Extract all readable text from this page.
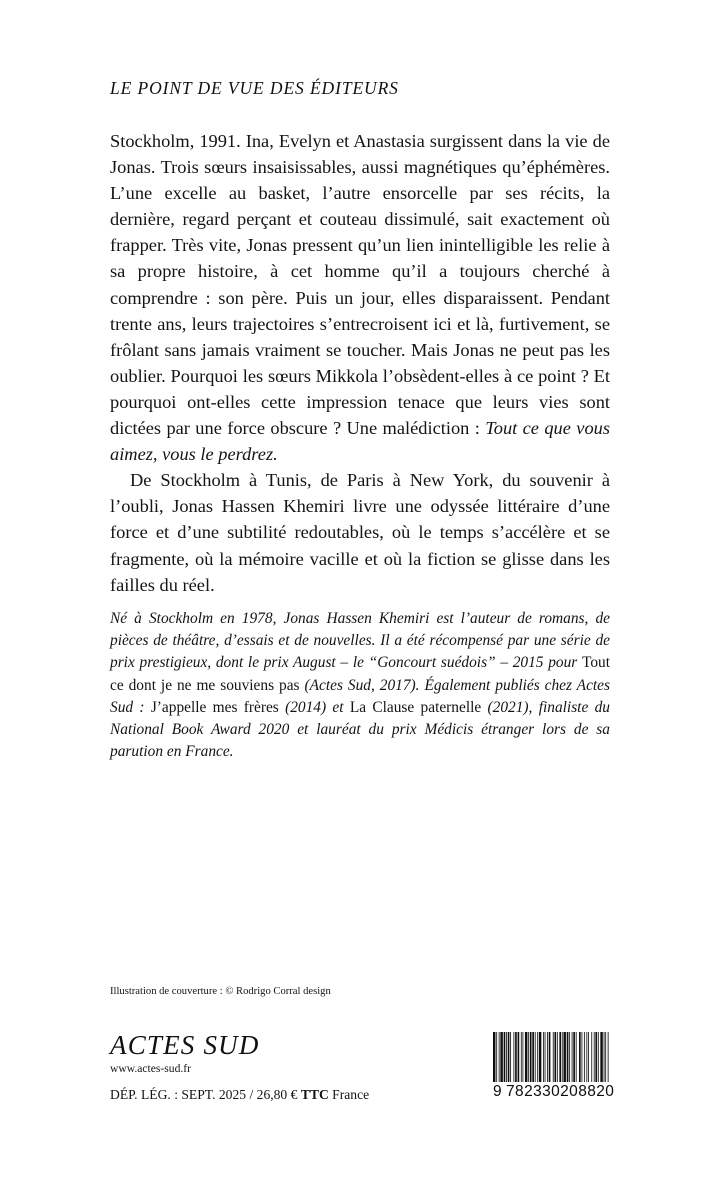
LE POINT DE VUE DES ÉDITEURS

Stockholm, 1991. Ina, Evelyn et Anastasia surgissent dans la vie de Jonas. Trois sœurs insaisissables, aussi magnétiques qu’éphémères. L’une excelle au basket, l’autre ensorcelle par ses récits, la dernière, regard perçant et couteau dissimulé, sait exactement où frapper. Très vite, Jonas pressent qu’un lien inintelligible les relie à sa propre histoire, à cet homme qu’il a toujours cherché à comprendre : son père. Puis un jour, elles disparaissent. Pendant trente ans, leurs trajectoires s’entrecroisent ici et là, furtivement, se frôlant sans jamais vraiment se toucher. Mais Jonas ne peut pas les oublier. Pourquoi les sœurs Mikkola l’obsèdent-elles à ce point ? Et pourquoi ont-elles cette impression tenace que leurs vies sont dictées par une force obscure ? Une malédiction : Tout ce que vous aimez, vous le perdrez.

De Stockholm à Tunis, de Paris à New York, du souvenir à l’oubli, Jonas Hassen Khemiri livre une odyssée littéraire d’une force et d’une subtilité redoutables, où le temps s’accélère et se fragmente, où la mémoire vacille et où la fiction se glisse dans les failles du réel.

Né à Stockholm en 1978, Jonas Hassen Khemiri est l’auteur de romans, de pièces de théâtre, d’essais et de nouvelles. Il a été récompensé par une série de prix prestigieux, dont le prix August – le “Goncourt suédois” – 2015 pour Tout ce dont je ne me souviens pas (Actes Sud, 2017). Également publiés chez Actes Sud : J’appelle mes frères (2014) et La Clause paternelle (2021), finaliste du National Book Award 2020 et lauréat du prix Médicis étranger lors de sa parution en France.

Illustration de couverture : © Rodrigo Corral design
ACTES SUD
www.actes-sud.fr
DÉP. LÉG. : SEPT. 2025 / 26,80 € TTC France	9 782330 208820
